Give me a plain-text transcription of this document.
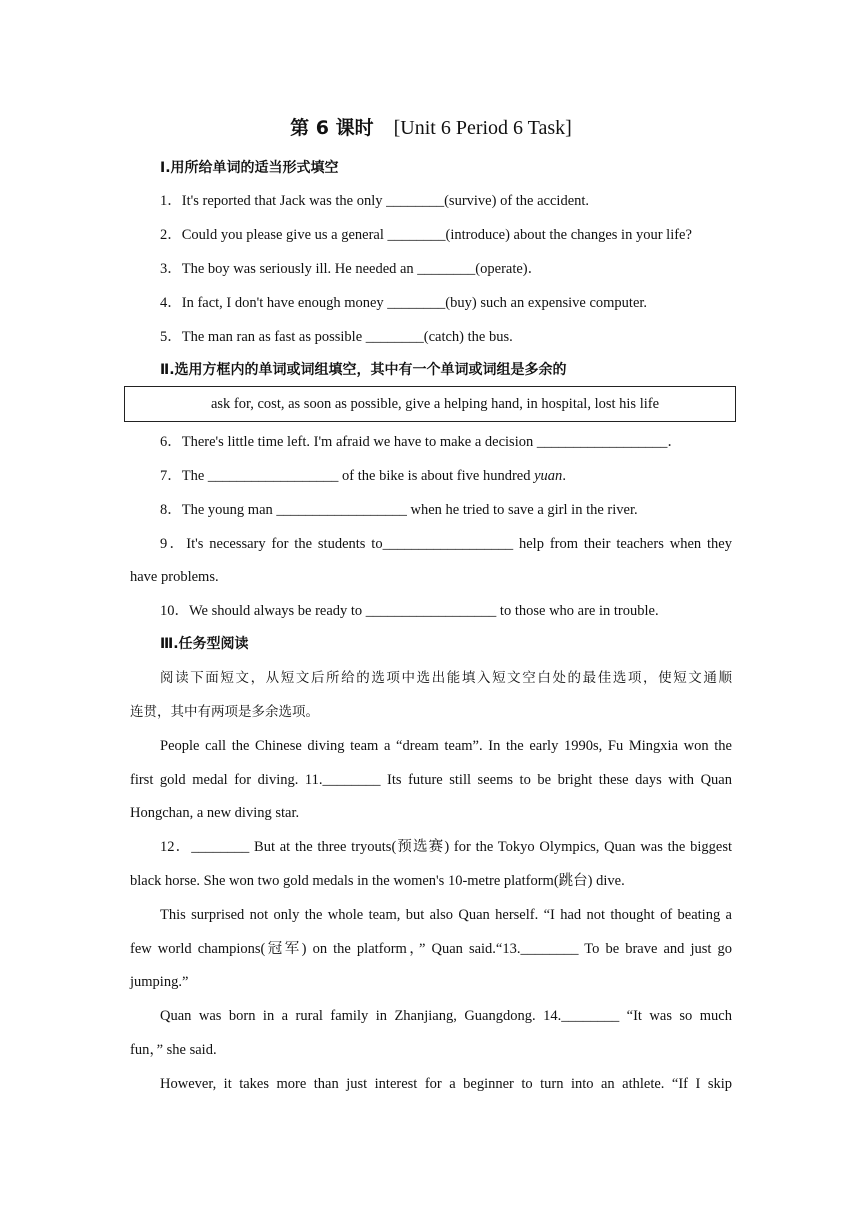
第 6 课时 [Unit 6 Period 6 Task]
Ⅰ.用所给单词的适当形式填空
1．It's reported that Jack was the only ________(survive) of the accident.
2．Could you please give us a general ________(introduce) about the changes in your life?
3．The boy was seriously ill. He needed an ________(operate)．
4．In fact, I don't have enough money ________(buy) such an expensive computer.
5．The man ran as fast as possible ________(catch) the bus.
Ⅱ.选用方框内的单词或词组填空，其中有一个单词或词组是多余的
ask for, cost, as soon as possible, give a helping hand, in hospital, lost his life
6．There's little time left. I'm afraid we have to make a decision __________________．
7．The __________________ of the bike is about five hundred yuan.
8．The young man __________________ when he tried to save a girl in the river.
9．It's necessary for the students to__________________ help from their teachers when they
have problems.
10．We should always be ready to __________________ to those who are in trouble.
Ⅲ.任务型阅读
阅读下面短文，从短文后所给的选项中选出能填入短文空白处的最佳选项，使短文通顺
连贯，其中有两项是多余选项。
People call the Chinese diving team a “dream team”. In the early 1990s, Fu Mingxia won the
first gold medal for diving. 11.________ Its future still seems to be bright these days with Quan
Hongchan, a new diving star.
12．________ But at the three tryouts(预选赛) for the Tokyo Olympics, Quan was the biggest
black horse. She won two gold medals in the women's 10-metre platform(跳台) dive.
This surprised not only the whole team, but also Quan herself. “I had not thought of beating a
few world champions(冠军) on the platform，” Quan said.“13.________ To be brave and just go
jumping.”
Quan was born in a rural family in Zhanjiang, Guangdong. 14.________ “It was so much
fun，” she said.
However, it takes more than just interest for a beginner to turn into an athlete. “If I skip
